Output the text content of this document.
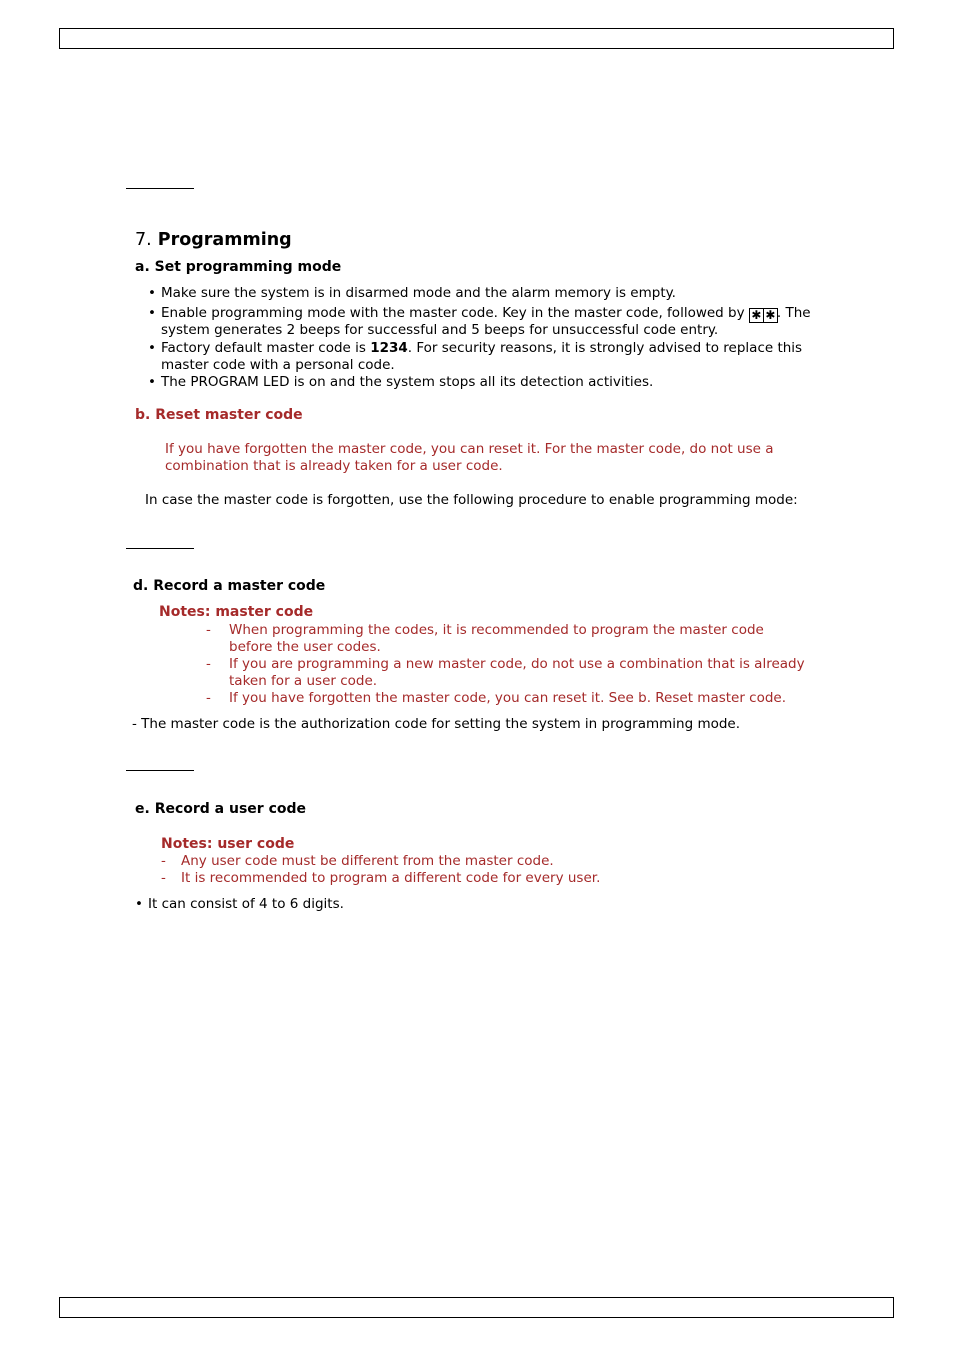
7. Programming
a. Set programming mode
• Make sure the system is in disarmed mode and the alarm memory is empty.
• Enable programming mode with the master code. Key in the master code, followed by ✱ ✱. The
system generates 2 beeps for successful and 5 beeps for unsuccessful code entry.
• Factory default master code is 1234. For security reasons, it is strongly advised to replace this
master code with a personal code.
• The PROGRAM LED is on and the system stops all its detection activities.
b. Reset master code
If you have forgotten the master code, you can reset it. For the master code, do not use a
combination that is already taken for a user code.
In case the master code is forgotten, use the following procedure to enable programming mode:
d. Record a master code
Notes: master code
- When programming the codes, it is recommended to program the master code
before the user codes.
- If you are programming a new master code, do not use a combination that is already
taken for a user code.
- If you have forgotten the master code, you can reset it. See b. Reset master code.
- The master code is the authorization code for setting the system in programming mode.
e. Record a user code
Notes: user code
- Any user code must be different from the master code.
- It is recommended to program a different code for every user.
• It can consist of 4 to 6 digits.
